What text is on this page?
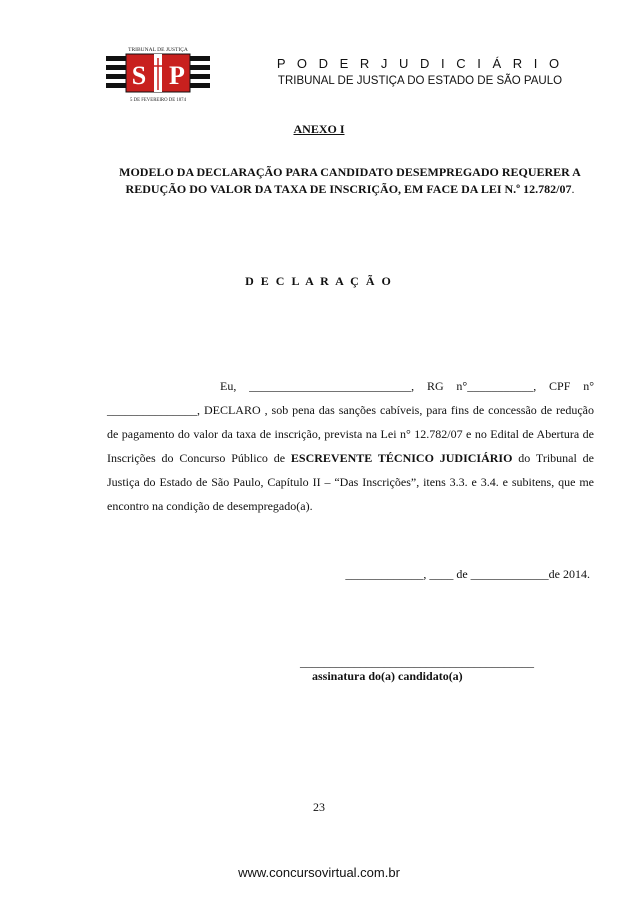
TRIBUNAL DE JUSTIÇA
S P
5 DE FEVEREIRO DE 1874
P O D E R J U D I C I Á R I O
TRIBUNAL DE JUSTIÇA DO ESTADO DE SÃO PAULO
ANEXO I
MODELO DA DECLARAÇÃO PARA CANDIDATO DESEMPREGADO REQUERER A REDUÇÃO DO VALOR DA TAXA DE INSCRIÇÃO, EM FACE DA LEI N.º 12.782/07.
D E C L A R A Ç Ã O
Eu, ___________________________, RG n°___________, CPF n° _______________, DECLARO , sob pena das sanções cabíveis, para fins de concessão de redução de pagamento do valor da taxa de inscrição, prevista na Lei n° 12.782/07 e no Edital de Abertura de Inscrições do Concurso Público de ESCREVENTE TÉCNICO JUDICIÁRIO do Tribunal de Justiça do Estado de São Paulo, Capítulo II – “Das Inscrições”, itens 3.3. e 3.4. e subitens, que me encontro na condição de desempregado(a).
_____________, ____ de _____________de 2014.
_______________________________________
assinatura do(a) candidato(a)
23
www.concursovirtual.com.br
